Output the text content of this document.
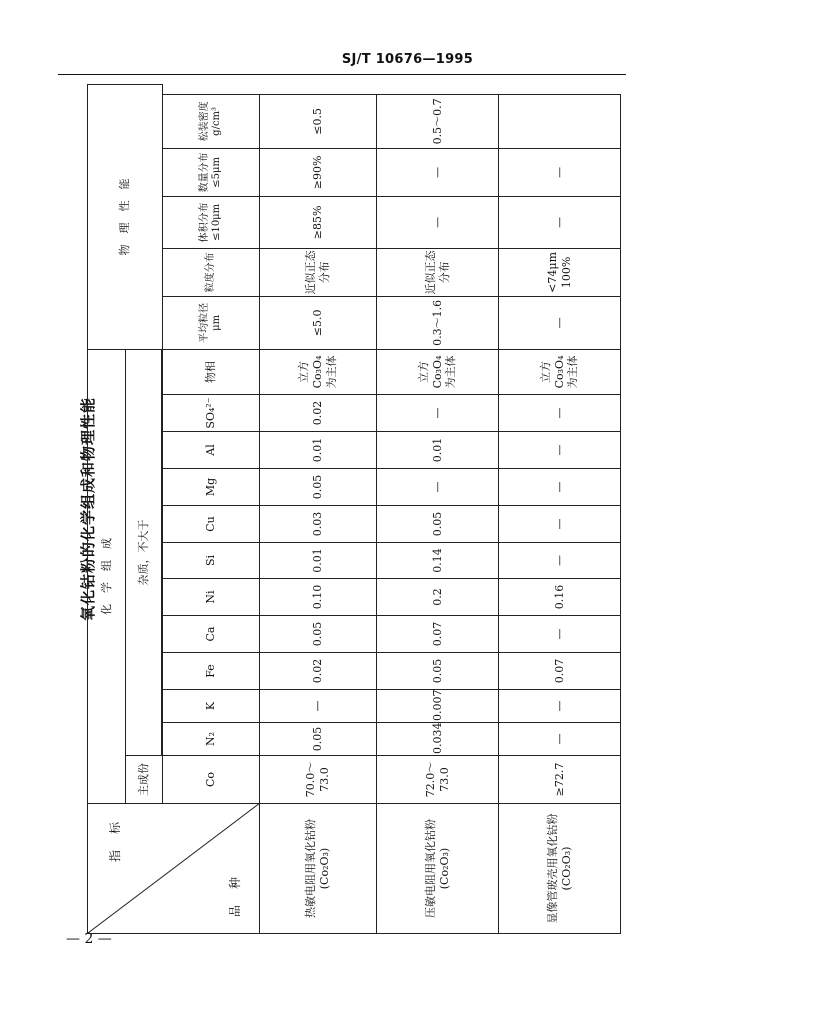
SJ/T 10676—1995
氧化钴粉的化学组成和物理性能
指　标
品　种	化　学　组　成												物　理　性　能				
	主成份	杂质，不大于															

	Co	N₂	K	Fe	Ca	Ni	Si	Cu	Mg	Al	SO₄²⁻	物相	平均粒径 μm	粒度分布	体积分布 ≤10μm	数量分布 ≤5μm	松装密度 g/cm³

热敏电阻用氧化钴粉 (Co₂O₃)	70.0～73.0	0.05	—	0.02	0.05	0.10	0.01	0.03	0.05	0.01	0.02	立方Co₃O₄为主体	≤5.0	近似正态分布	≥85%	≥90%	≤0.5

压敏电阻用氧化钴粉 (Co₂O₃)	72.0～73.0	0.034	0.007	0.05	0.07	0.2	0.14	0.05	—	0.01	—	立方Co₃O₄为主体	0.3～1.6	近似正态分布	—	—	0.5～0.7

显像管玻壳用氧化钴粉 (CO₂O₃)	≥72.7	—	—	0.07	—	0.16	—	—	—	—	—	立方Co₃O₄为主体	—	<74μm 100%	—	—	
— 2 —
